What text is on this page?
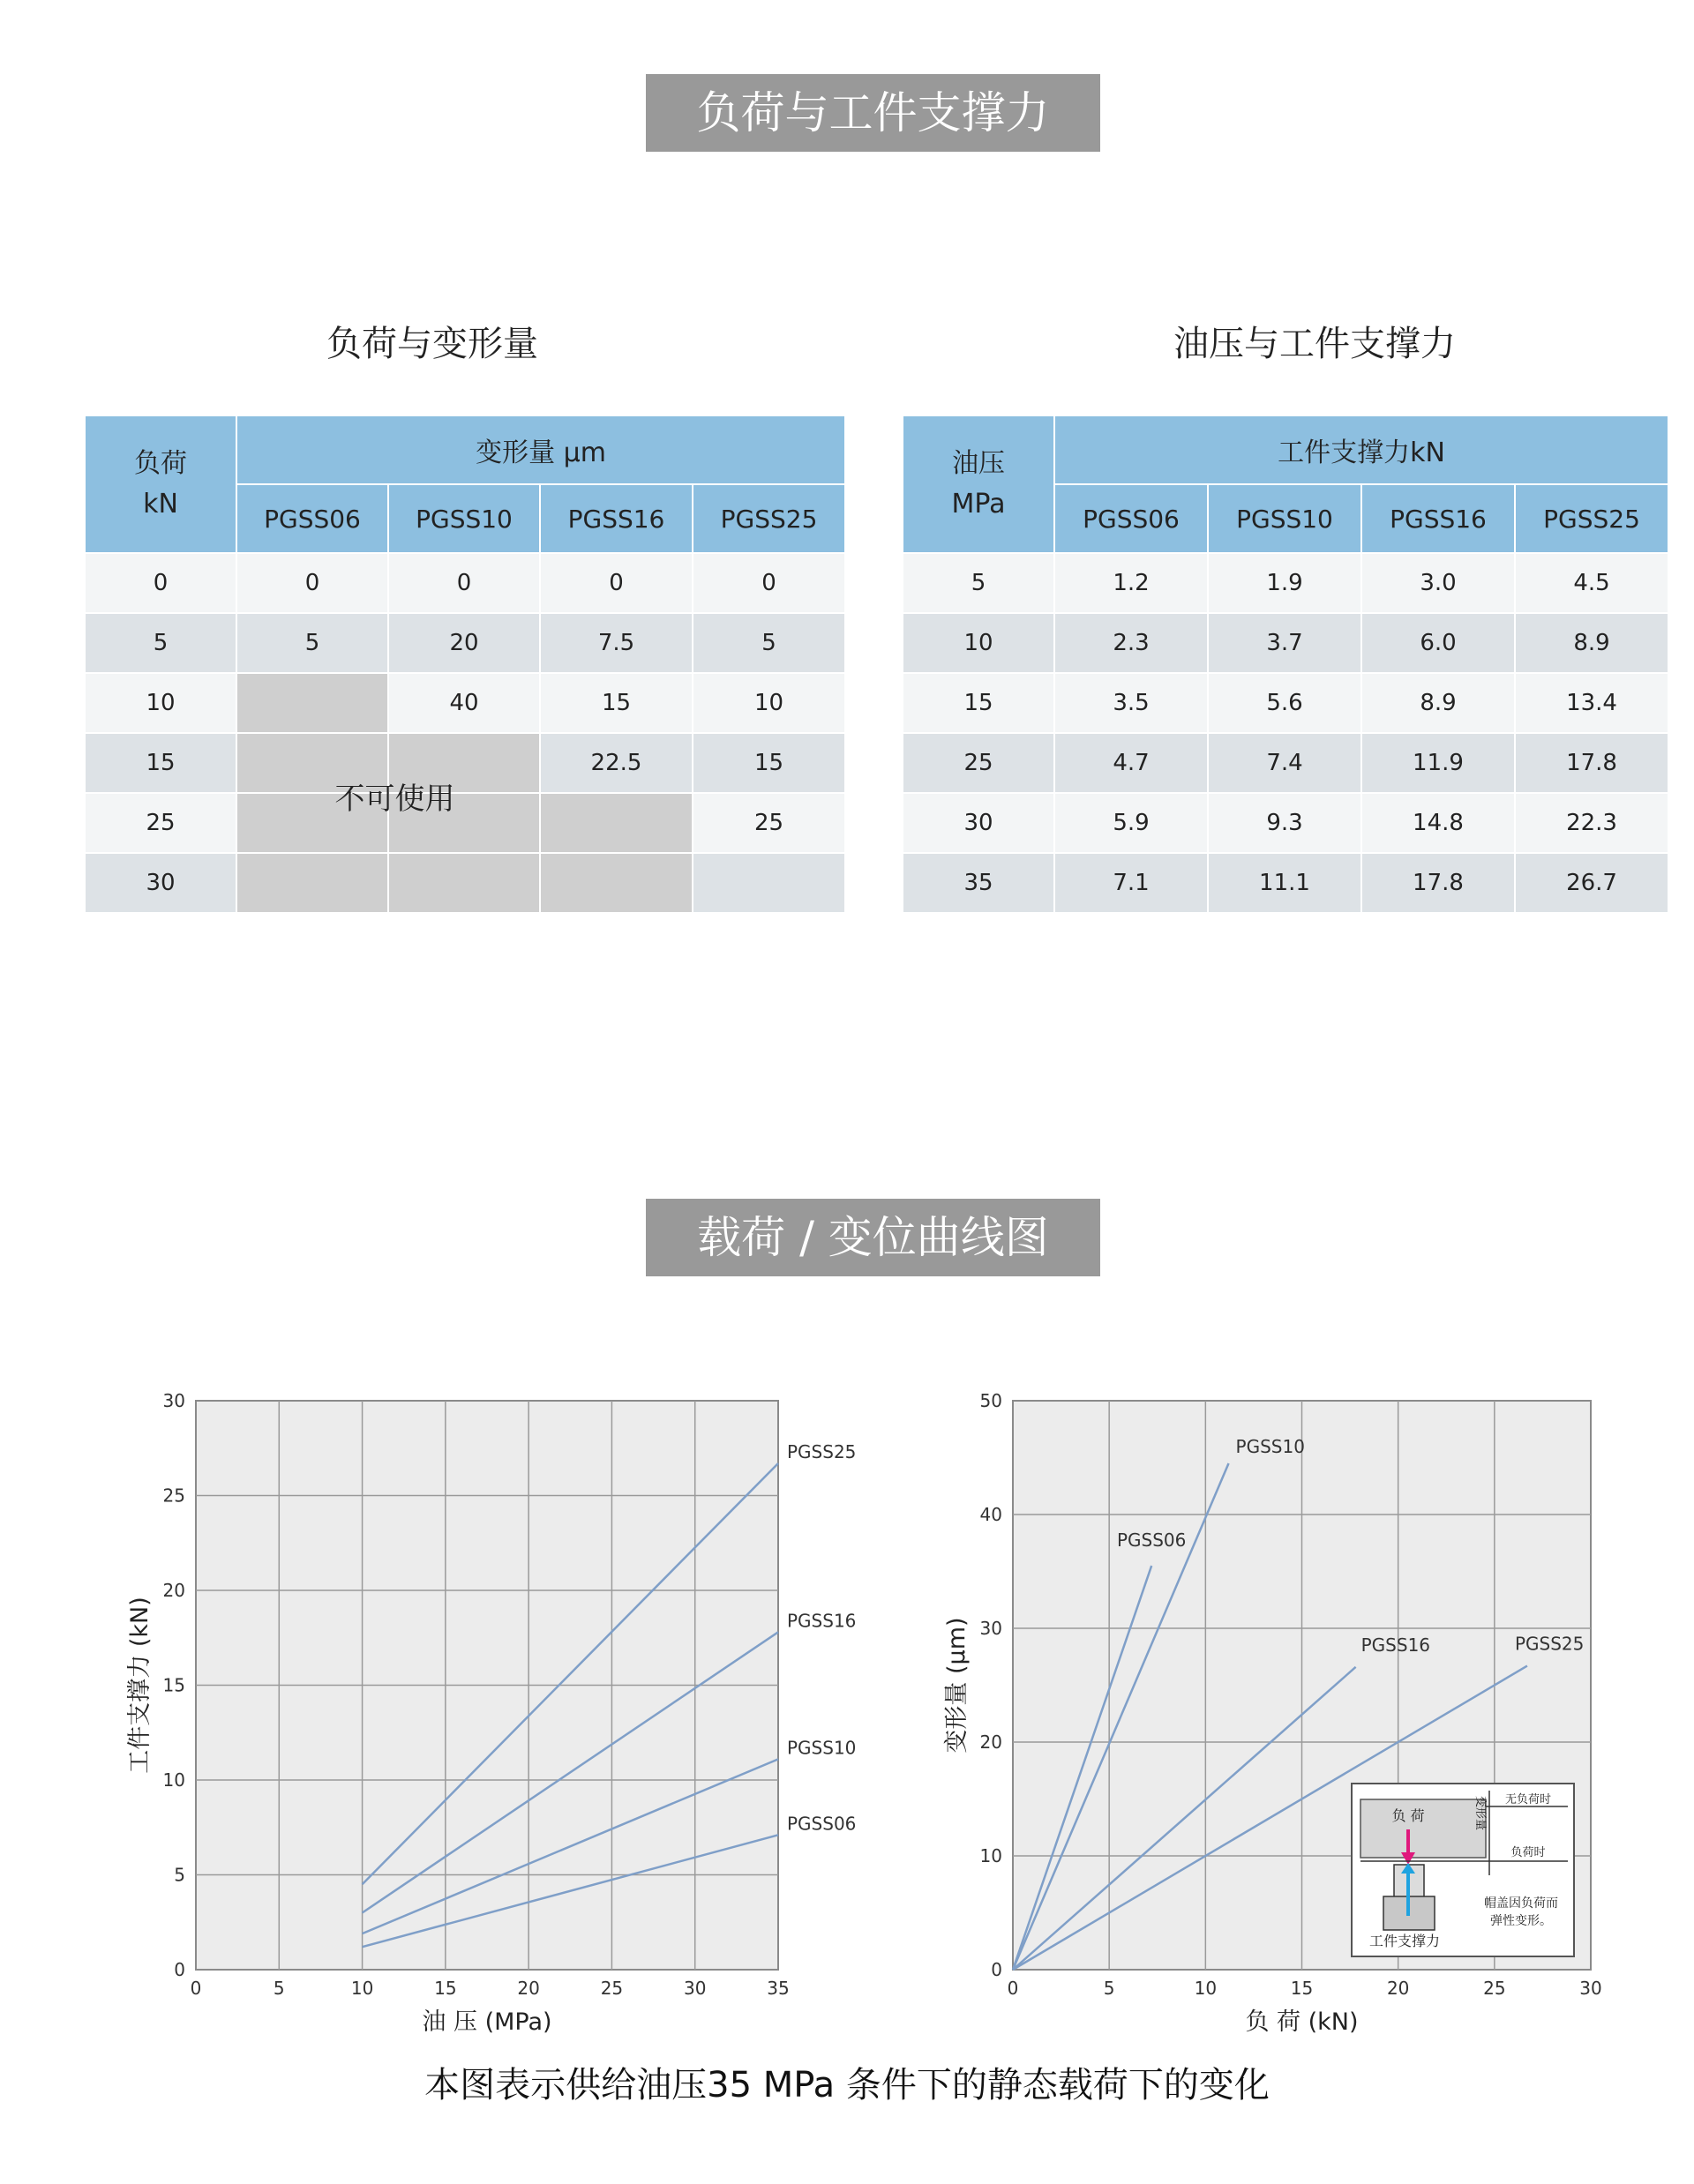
负荷与工件支撑力
载荷 / 变位曲线图
负荷与变形量
负荷
kN	变形量 μm			
	PGSS06	PGSS10	PGSS16	PGSS25
0	0	0	0	0
5	5	20	7.5	5
10		40	15	10
15			22.5	15
25				25
30				
不可使用
油压与工件支撑力
油压
MPa	工件支撑力kN			
	PGSS06	PGSS10	PGSS16	PGSS25
5	1.2	1.9	3.0	4.5
10	2.3	3.7	6.0	8.9
15	3.5	5.6	8.9	13.4
25	4.7	7.4	11.9	17.8
30	5.9	9.3	14.8	22.3
35	7.1	11.1	17.8	26.7
0	5	10	15	20	25	30	35
0
5
10
15
20
25
30
油 压 (MPa)
工件支撑力 (kN)
PGSS25
PGSS16
PGSS10
PGSS06
0	5	10	15	20	25	30
0
10
20
30
40
50
负 荷 (kN)
变形量 (μm)
PGSS10
PGSS06
PGSS16	PGSS25
负 荷	变形量 无负荷时
负荷时
工件支撑力
帽盖因负荷而
弹性变形。
本图表示供给油压35 MPa 条件下的静态载荷下的变化
